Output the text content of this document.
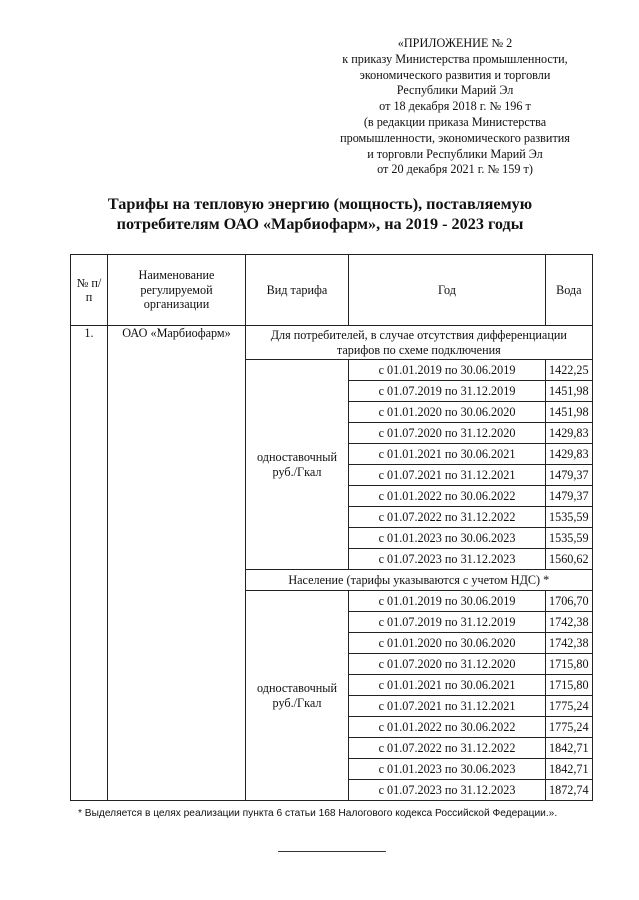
«ПРИЛОЖЕНИЕ № 2
к приказу Министерства промышленности,
экономического развития и торговли
Республики Марий Эл
от 18 декабря 2018 г. № 196 т
(в редакции приказа Министерства
промышленности, экономического развития
и торговли Республики Марий Эл
от 20 декабря 2021 г. № 159 т)
Тарифы на тепловую энергию (мощность), поставляемую
потребителям ОАО «Марбиофарм», на 2019 - 2023 годы
№ п/п	Наименование регулируемой организации	Вид тарифа	Год	Вода
1.	ОАО «Марбиофарм»	Для потребителей, в случае отсутствия дифференциации тарифов по схеме подключения		
		одноставочный руб./Гкал	с 01.01.2019 по 30.06.2019	1422,25
			с 01.07.2019 по 31.12.2019	1451,98
			с 01.01.2020 по 30.06.2020	1451,98
			с 01.07.2020 по 31.12.2020	1429,83
			с 01.01.2021 по 30.06.2021	1429,83
			с 01.07.2021 по 31.12.2021	1479,37
			с 01.01.2022 по 30.06.2022	1479,37
			с 01.07.2022 по 31.12.2022	1535,59
			с 01.01.2023 по 30.06.2023	1535,59
			с 01.07.2023 по 31.12.2023	1560,62
		Население (тарифы указываются с учетом НДС) *		
		одноставочный руб./Гкал	с 01.01.2019 по 30.06.2019	1706,70
			с 01.07.2019 по 31.12.2019	1742,38
			с 01.01.2020 по 30.06.2020	1742,38
			с 01.07.2020 по 31.12.2020	1715,80
			с 01.01.2021 по 30.06.2021	1715,80
			с 01.07.2021 по 31.12.2021	1775,24
			с 01.01.2022 по 30.06.2022	1775,24
			с 01.07.2022 по 31.12.2022	1842,71
			с 01.01.2023 по 30.06.2023	1842,71
			с 01.07.2023 по 31.12.2023	1872,74
* Выделяется в целях реализации пункта 6 статьи 168 Налогового кодекса Российской Федерации.».
